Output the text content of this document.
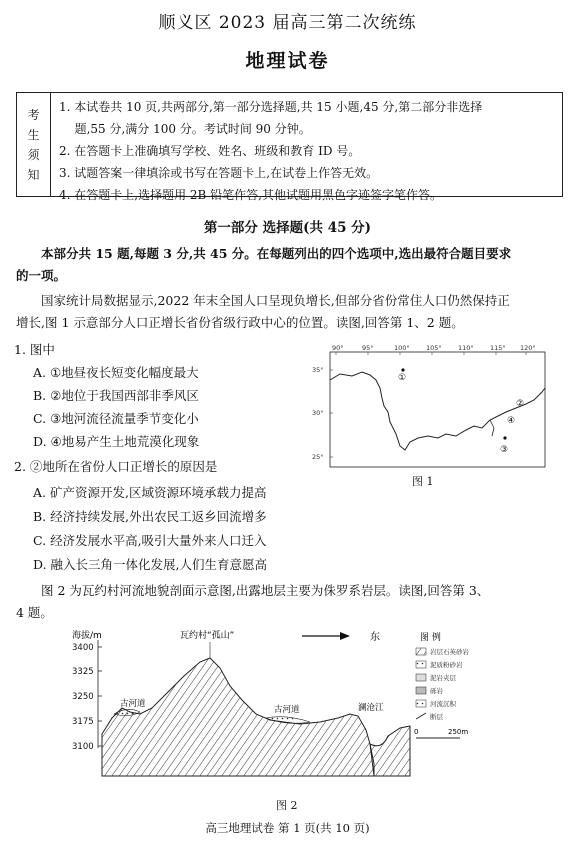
顺义区 2023 届高三第二次统练
地理试卷
考
生
须
知

1. 本试卷共 10 页,共两部分,第一部分选择题,共 15 小题,45 分,第二部分非选择

题,55 分,满分 100 分。考试时间 90 分钟。

2. 在答题卡上准确填写学校、姓名、班级和教育 ID 号。

3. 试题答案一律填涂或书写在答题卡上,在试卷上作答无效。

4. 在答题卡上,选择题用 2B 铅笔作答,其他试题用黑色字迹签字笔作答。

第一部分 选择题(共 45 分)

本部分共 15 题,每题 3 分,共 45 分。在每题列出的四个选项中,选出最符合题目要求

的一项。

国家统计局数据显示,2022 年末全国人口呈现负增长,但部分省份常住人口仍然保持正

增长,图 1 示意部分人口正增长省份省级行政中心的位置。读图,回答第 1、2 题。

1. 图中
A. ①地昼夜长短变化幅度最大
B. ②地位于我国西部非季风区
C. ③地河流径流量季节变化小
D. ④地易产生土地荒漠化现象
2. ②地所在省份人口正增长的原因是
A. 矿产资源开发,区域资源环境承载力提高
B. 经济持续发展,外出农民工返乡回流增多
C. 经济发展水平高,吸引大量外来人口迁入
D. 融入长三角一体化发展,人们生育意愿高
90°	95°	100°	105°	110°	115° 120°
35°
30°
25°
①
②
③
④
图 1

图 2 为瓦约村河流地貌剖面示意图,出露地层主要为侏罗系岩层。读图,回答第 3、

4 题。

海拔/m
3400
3325
3250
3175
3100
瓦约村“孤山”	东
古河道
古河道	澜沧江
图 例
岩层石英砂岩
泥质粉砂岩
泥岩夹层
砾岩
河流沉积
断层
0	250m
图 2
高三地理试卷 第 1 页(共 10 页)
